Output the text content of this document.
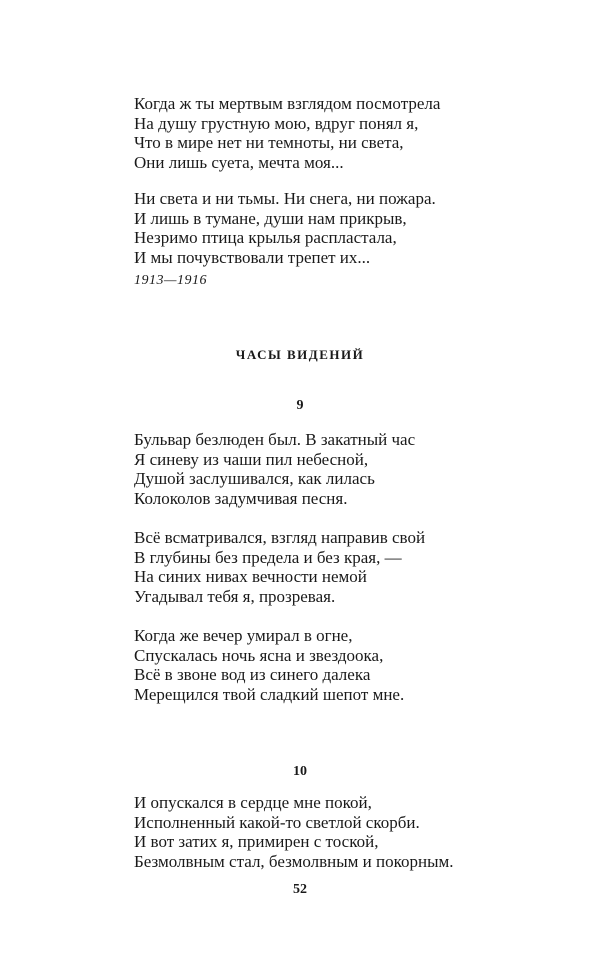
Когда ж ты мертвым взглядом посмотрела
На душу грустную мою, вдруг понял я,
Что в мире нет ни темноты, ни света,
Они лишь суета, мечта моя...
Ни света и ни тьмы. Ни снега, ни пожара.
И лишь в тумане, души нам прикрыв,
Незримо птица крылья распластала,
И мы почувствовали трепет их...
1913—1916
ЧАСЫ ВИДЕНИЙ
9
Бульвар безлюден был. В закатный час
Я синеву из чаши пил небесной,
Душой заслушивался, как лилась
Колоколов задумчивая песня.
Всё всматривался, взгляд направив свой
В глубины без предела и без края, —
На синих нивах вечности немой
Угадывал тебя я, прозревая.
Когда же вечер умирал в огне,
Спускалась ночь ясна и звездоока,
Всё в звоне вод из синего далека
Мерещился твой сладкий шепот мне.
10
И опускался в сердце мне покой,
Исполненный какой-то светлой скорби.
И вот затих я, примирен с тоской,
Безмолвным стал, безмолвным и покорным.
52
